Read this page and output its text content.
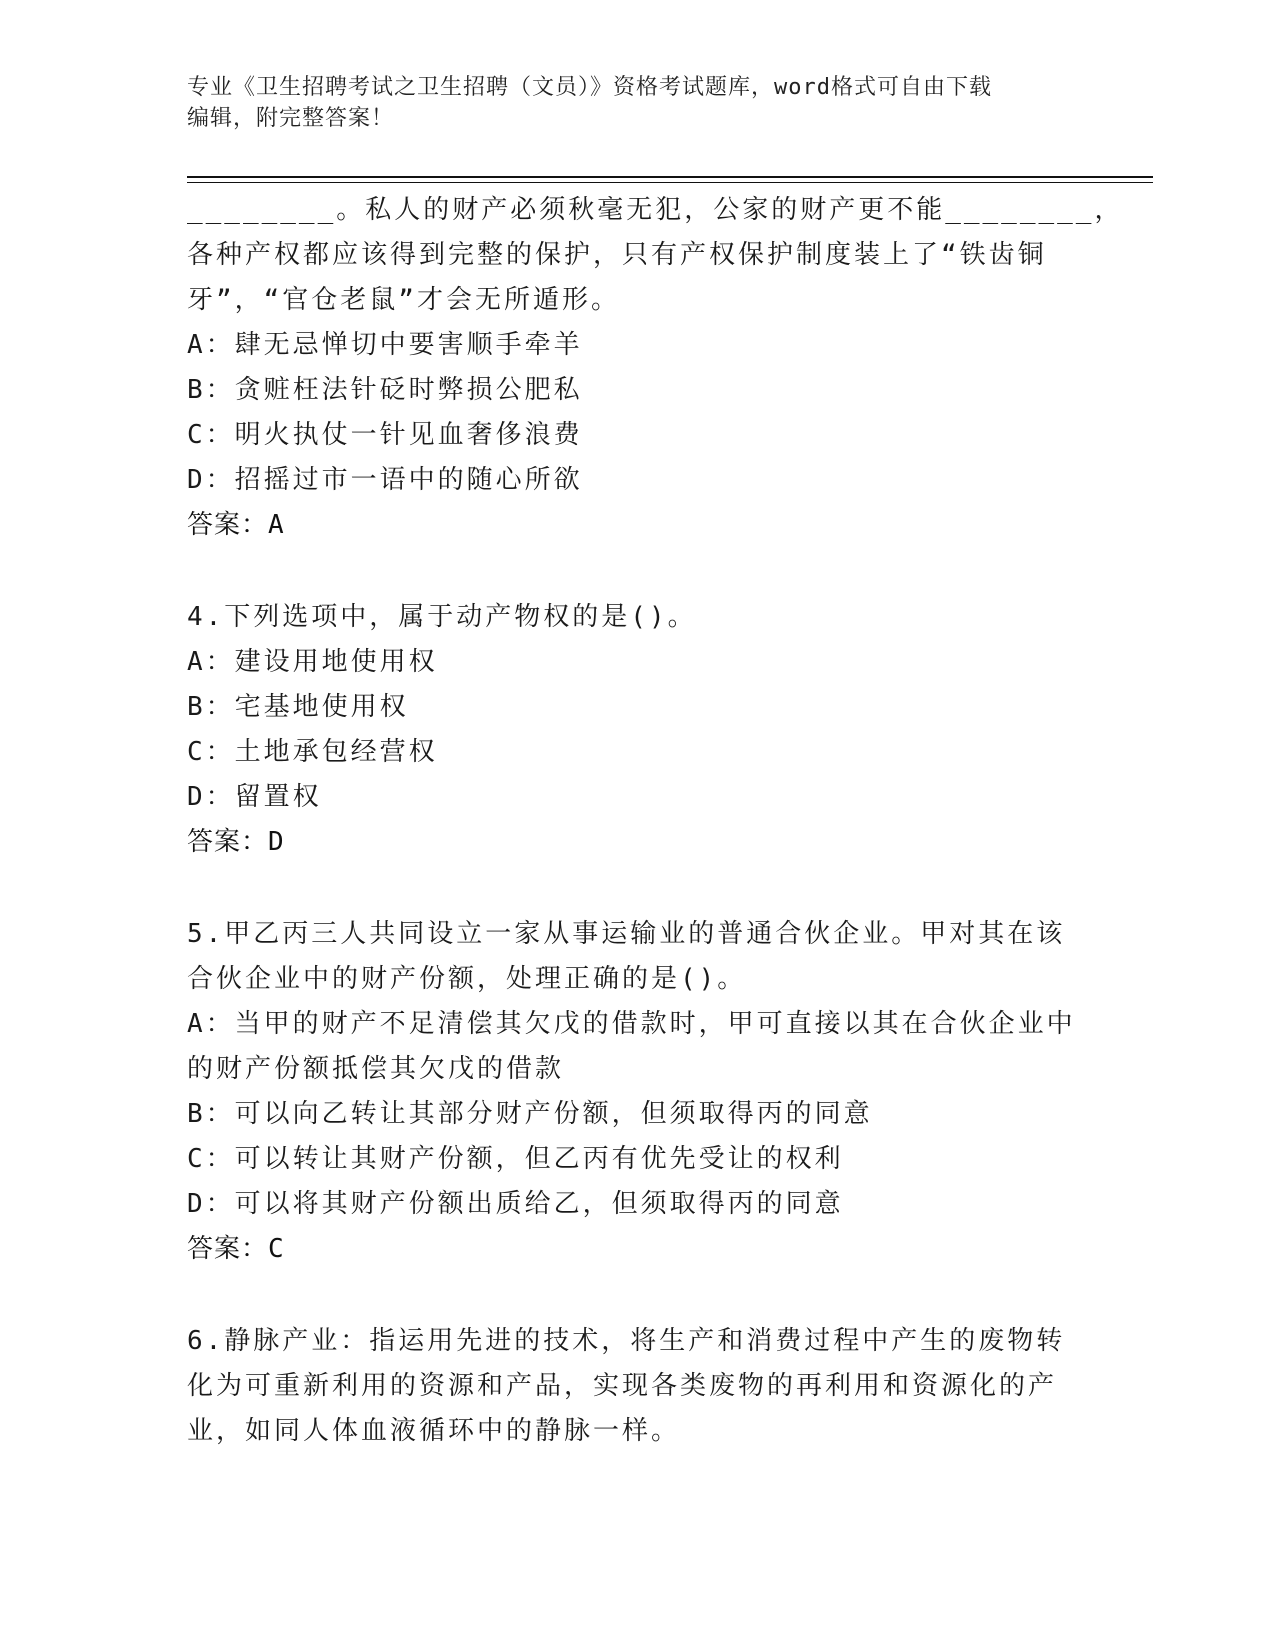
专业《卫生招聘考试之卫生招聘（文员）》资格考试题库，word格式可自由下载
编辑，附完整答案！
________。私人的财产必须秋毫无犯，公家的财产更不能________，
各种产权都应该得到完整的保护，只有产权保护制度装上了“铁齿铜
牙”，“官仓老鼠”才会无所遁形。
A：肆无忌惮切中要害顺手牵羊
B：贪赃枉法针砭时弊损公肥私
C：明火执仗一针见血奢侈浪费
D：招摇过市一语中的随心所欲
答案：A
4.下列选项中，属于动产物权的是()。
A：建设用地使用权
B：宅基地使用权
C：土地承包经营权
D：留置权
答案：D
5.甲乙丙三人共同设立一家从事运输业的普通合伙企业。甲对其在该
合伙企业中的财产份额，处理正确的是()。
A：当甲的财产不足清偿其欠戊的借款时，甲可直接以其在合伙企业中
的财产份额抵偿其欠戊的借款
B：可以向乙转让其部分财产份额，但须取得丙的同意
C：可以转让其财产份额，但乙丙有优先受让的权利
D：可以将其财产份额出质给乙，但须取得丙的同意
答案：C
6.静脉产业：指运用先进的技术，将生产和消费过程中产生的废物转
化为可重新利用的资源和产品，实现各类废物的再利用和资源化的产
业，如同人体血液循环中的静脉一样。
